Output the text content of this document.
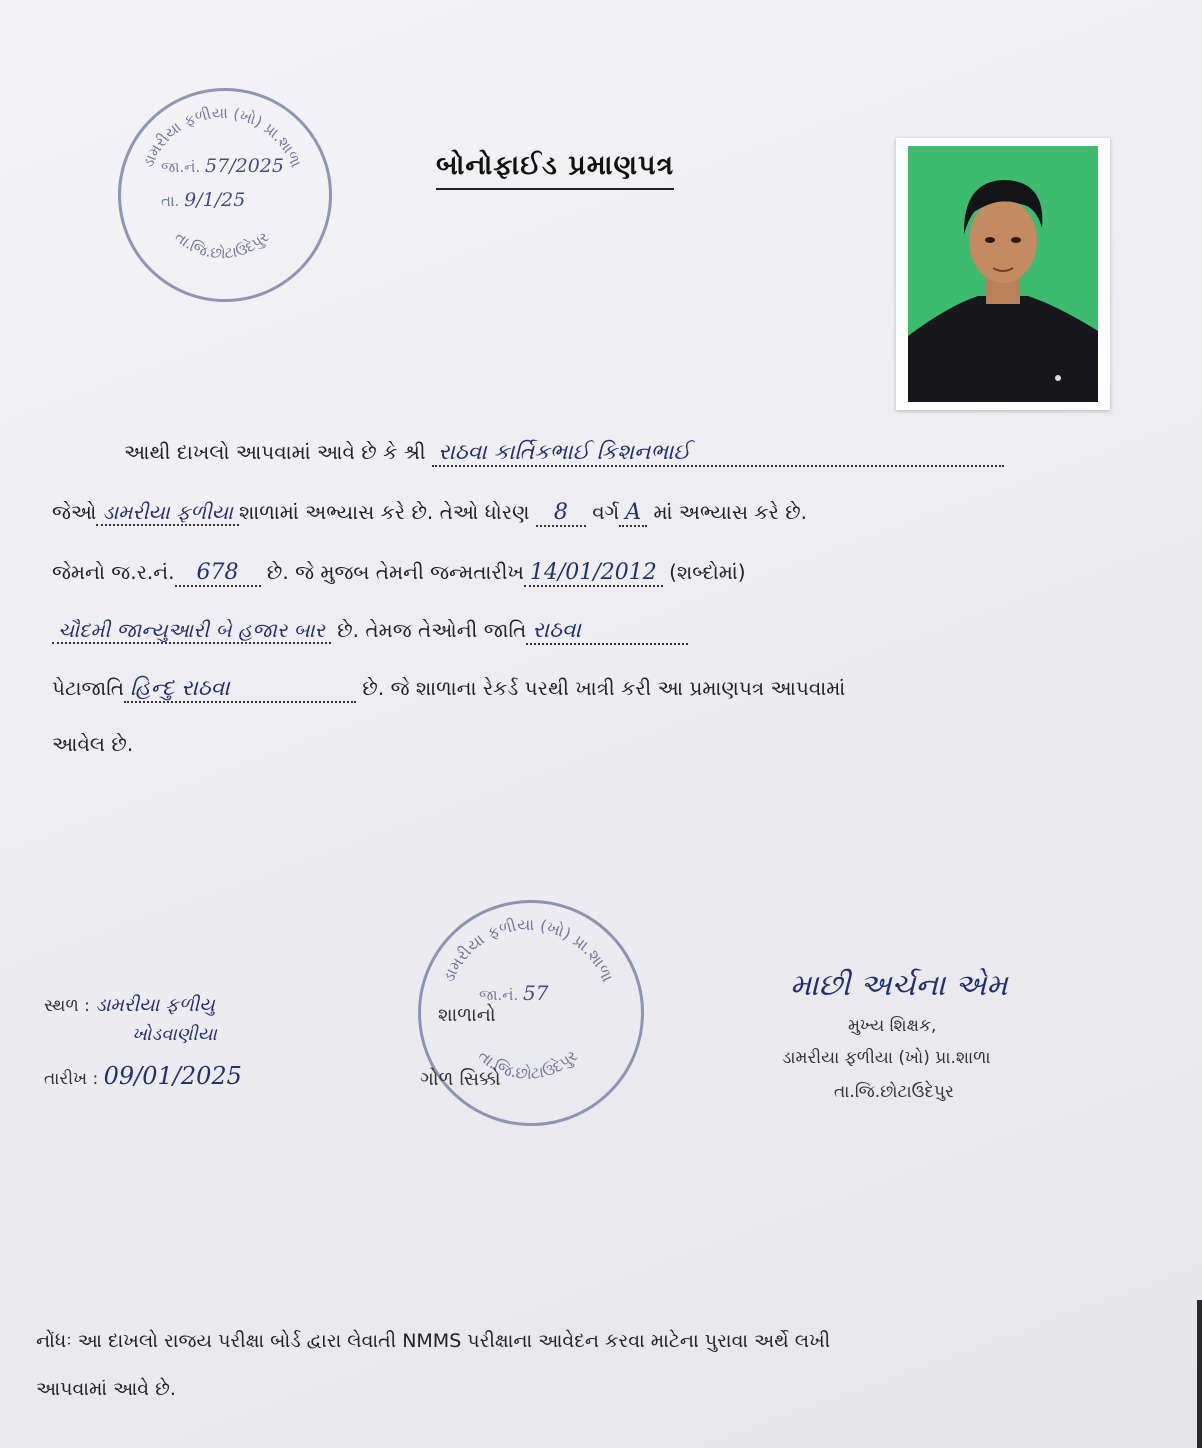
ડામરીયા ફળીયા (ખો) પ્રા.શાળા
તા.જિ.છોટાઉદેપુર
જા.નં. 57/2025
તા. 9/1/25
બોનોફાઈડ પ્રમાણપત્ર
આથી દાખલો આપવામાં આવે છે કે શ્રી રાઠવા કાર્તિકભાઈ કિશનભાઈ
જેઓ ડામરીયા ફળીયા શાળામાં અભ્યાસ કરે છે. તેઓ ધોરણ 8 વર્ગ A માં અભ્યાસ કરે છે.
જેમનો જ.ર.નં. 678 છે. જે મુજબ તેમની જન્મતારીખ 14/01/2012 (શબ્દોમાં)
ચૌદમી જાન્યુઆરી બે હજાર બાર છે. તેમજ તેઓની જાતિ રાઠવા
પેટાજાતિ હિન્દુ રાઠવા	છે. જે શાળાના રેકર્ડ પરથી ખાત્રી કરી આ પ્રમાણપત્ર આપવામાં
આવેલ છે.
સ્થળ : ડામરીયા ફળીયુ
ખોડવાણીયા
તારીખ : 09/01/2025
ડામરીયા ફળીયા (ખો) પ્રા.શાળા
તા.જિ.છોટાઉદેપુર
જા.નં. 57
શાળાનો
ગોળ સિક્કો
માછી અર્ચના એમ
મુખ્ય શિક્ષક,
ડામરીયા ફળીયા (ખો) પ્રા.શાળા
તા.જિ.છોટાઉદેપુર
નોંધઃ આ દાખલો રાજય પરીક્ષા બોર્ડ દ્વારા લેવાતી NMMS પરીક્ષાના આવેદન કરવા માટેના પુરાવા અર્થે લખી
આપવામાં આવે છે.
